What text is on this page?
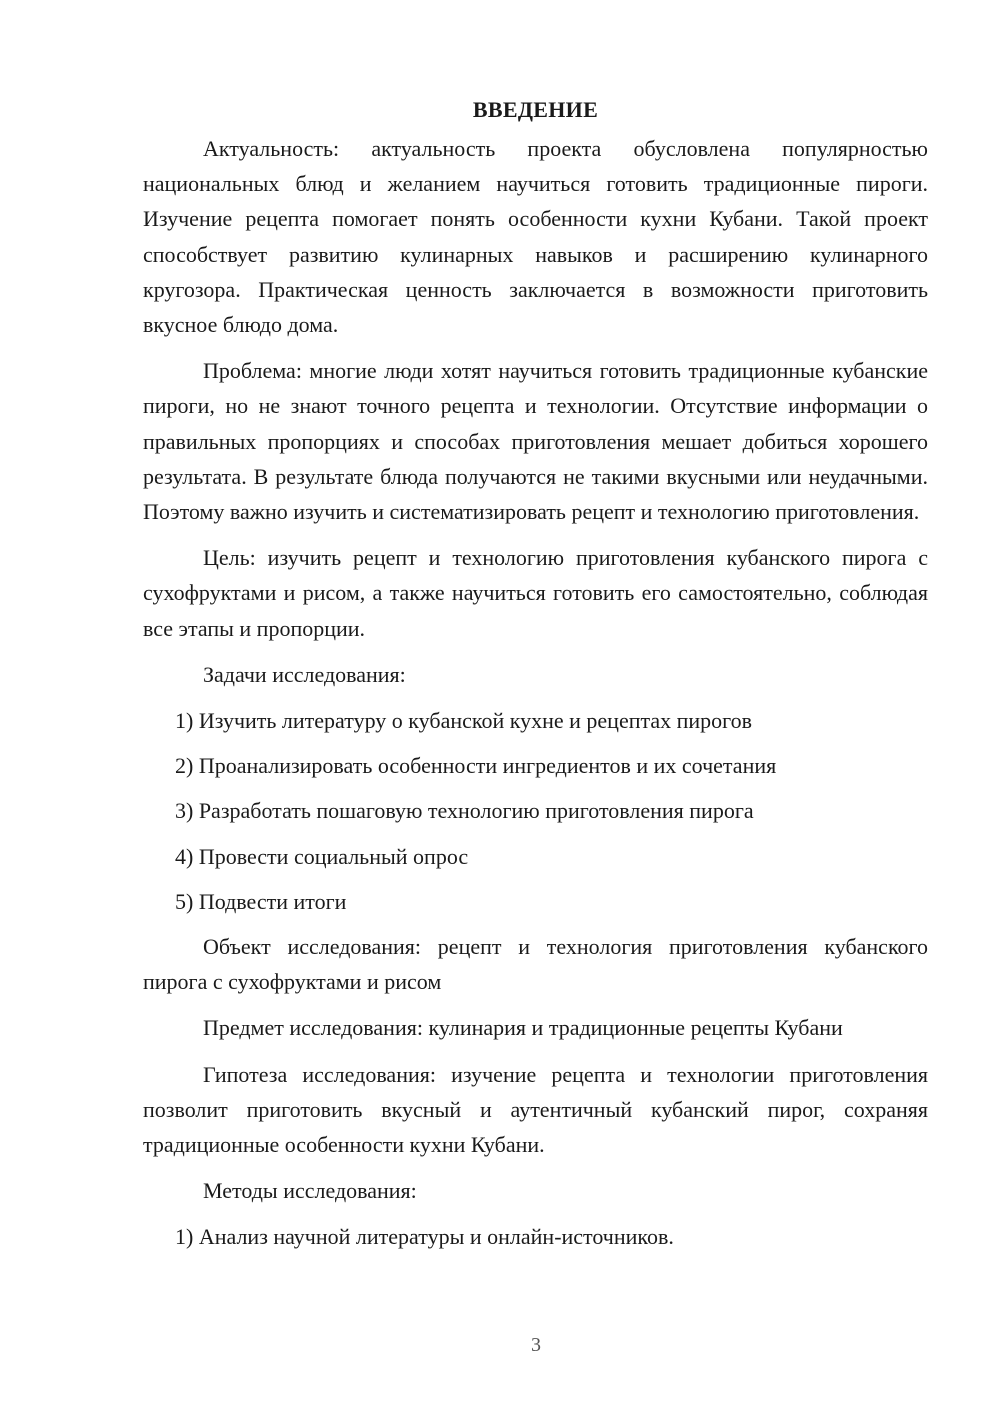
ВВЕДЕНИЕ

Актуальность: актуальность проекта обусловлена популярностью национальных блюд и желанием научиться готовить традиционные пироги. Изучение рецепта помогает понять особенности кухни Кубани. Такой проект способствует развитию кулинарных навыков и расширению кулинарного кругозора. Практическая ценность заключается в возможности приготовить вкусное блюдо дома.

Проблема: многие люди хотят научиться готовить традиционные кубанские пироги, но не знают точного рецепта и технологии. Отсутствие информации о правильных пропорциях и способах приготовления мешает добиться хорошего результата. В результате блюда получаются не такими вкусными или неудачными. Поэтому важно изучить и систематизировать рецепт и технологию приготовления.

Цель: изучить рецепт и технологию приготовления кубанского пирога с сухофруктами и рисом, а также научиться готовить его самостоятельно, соблюдая все этапы и пропорции.

Задачи исследования:
1) Изучить литературу о кубанской кухне и рецептах пирогов
2) Проанализировать особенности ингредиентов и их сочетания
3) Разработать пошаговую технологию приготовления пирога
4) Провести социальный опрос
5) Подвести итоги

Объект исследования: рецепт и технология приготовления кубанского пирога с сухофруктами и рисом

Предмет исследования: кулинария и традиционные рецепты Кубани

Гипотеза исследования: изучение рецепта и технологии приготовления позволит приготовить вкусный и аутентичный кубанский пирог, сохраняя традиционные особенности кухни Кубани.

Методы исследования:
1) Анализ научной литературы и онлайн-источников.
3
